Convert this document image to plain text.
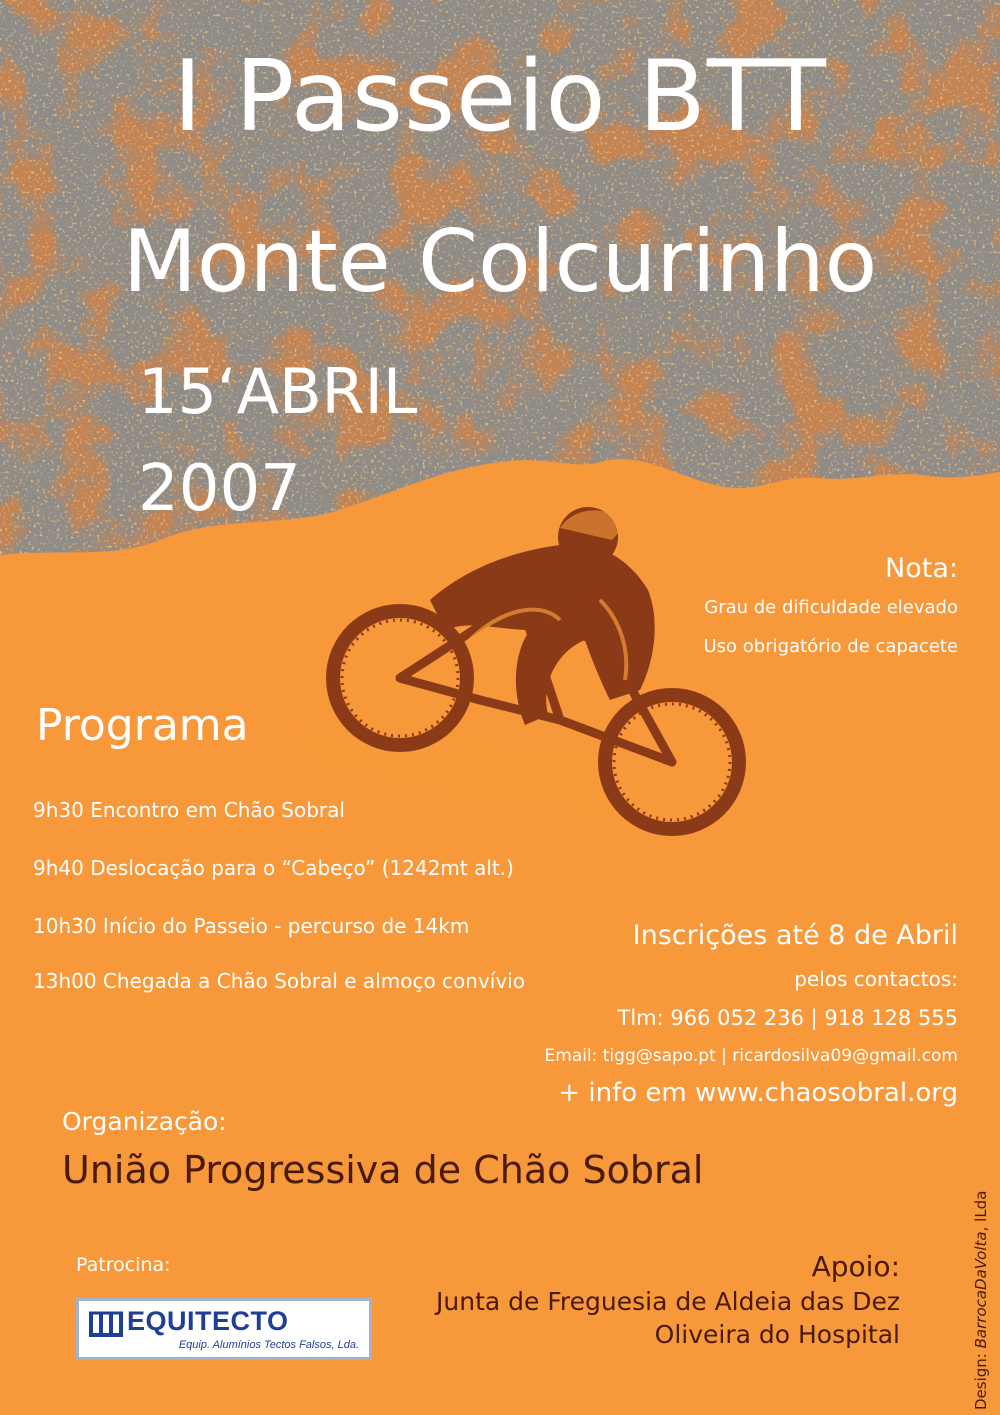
I Passeio BTT
Monte Colcurinho
15‘ABRIL
2007
Nota:
Grau de dificuldade elevado
Uso obrigatório de capacete
Programa
9h30 Encontro em Chão Sobral
9h40 Deslocação para o “Cabeço” (1242mt alt.)
10h30 Início do Passeio - percurso de 14km
13h00 Chegada a Chão Sobral e almoço convívio
Inscrições até 8 de Abril
pelos contactos:
Tlm: 966 052 236 | 918 128 555
Email: tigg@sapo.pt | ricardosilva09@gmail.com
+ info em www.chaosobral.org
Organização:
União Progressiva de Chão Sobral
Patrocina:
EQUITECTO
Equip. Alumínios Tectos Falsos, Lda.
Apoio:
Junta de Freguesia de Aldeia das Dez
Oliveira do Hospital
Design: BarrocaDaVolta, lLda
